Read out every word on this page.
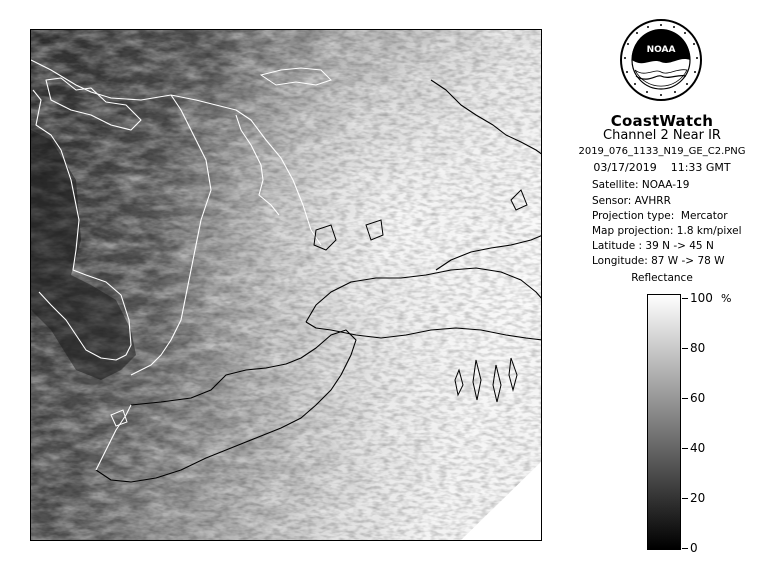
NOAA
CoastWatch
Channel 2 Near IR
2019_076_1133_N19_GE_C2.PNG
03/17/2019    11:33 GMT
Satellite: NOAA-19
Sensor: AVHRR
Projection type:  Mercator
Map projection: 1.8 km/pixel
Latitude : 39 N -> 45 N
Longitude: 87 W -> 78 W
Reflectance
%
100
80
60
40
20
0
